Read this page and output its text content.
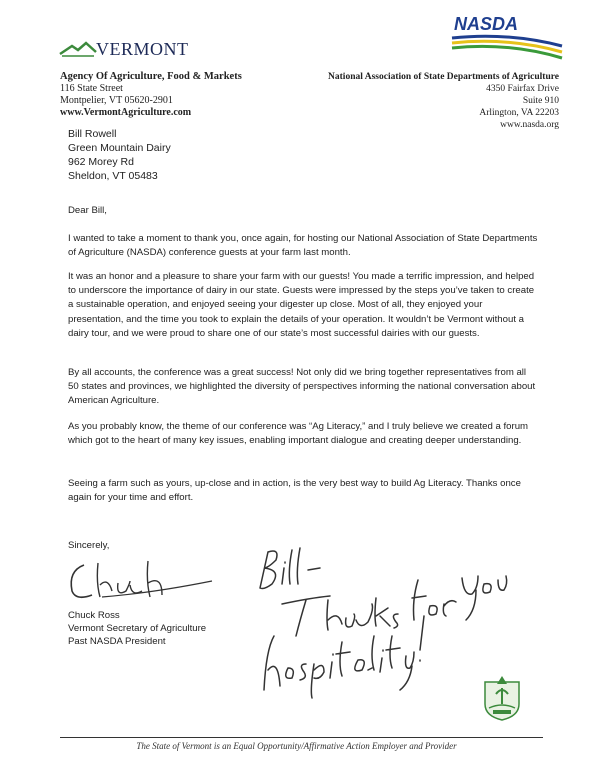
VERMONT
NASDA
Agency Of Agriculture, Food & Markets
116 State Street
Montpelier, VT 05620-2901
www.VermontAgriculture.com
National Association of State Departments of Agriculture
4350 Fairfax Drive
Suite 910
Arlington, VA 22203
www.nasda.org
Bill Rowell
Green Mountain Dairy
962 Morey Rd
Sheldon, VT 05483
Dear Bill,
I wanted to take a moment to thank you, once again, for hosting our National Association of State Departments of Agriculture (NASDA) conference guests at your farm last month.
It was an honor and a pleasure to share your farm with our guests! You made a terrific impression, and helped to underscore the importance of dairy in our state. Guests were impressed by the steps you’ve taken to create a sustainable operation, and enjoyed seeing your digester up close. Most of all, they enjoyed your presentation, and the time you took to explain the details of your operation. It wouldn’t be Vermont without a dairy tour, and we were proud to share one of our state’s most successful dairies with our guests.
By all accounts, the conference was a great success! Not only did we bring together representatives from all 50 states and provinces, we highlighted the diversity of perspectives informing the national conversation about American Agriculture.
As you probably know, the theme of our conference was “Ag Literacy,” and I truly believe we created a forum which got to the heart of many key issues, enabling important dialogue and creating deeper understanding.
Seeing a farm such as yours, up-close and in action, is the very best way to build Ag Literacy. Thanks once again for your time and effort.
Sincerely,
Chuck Ross
Vermont Secretary of Agriculture
Past NASDA President
The State of Vermont is an Equal Opportunity/Affirmative Action Employer and Provider
